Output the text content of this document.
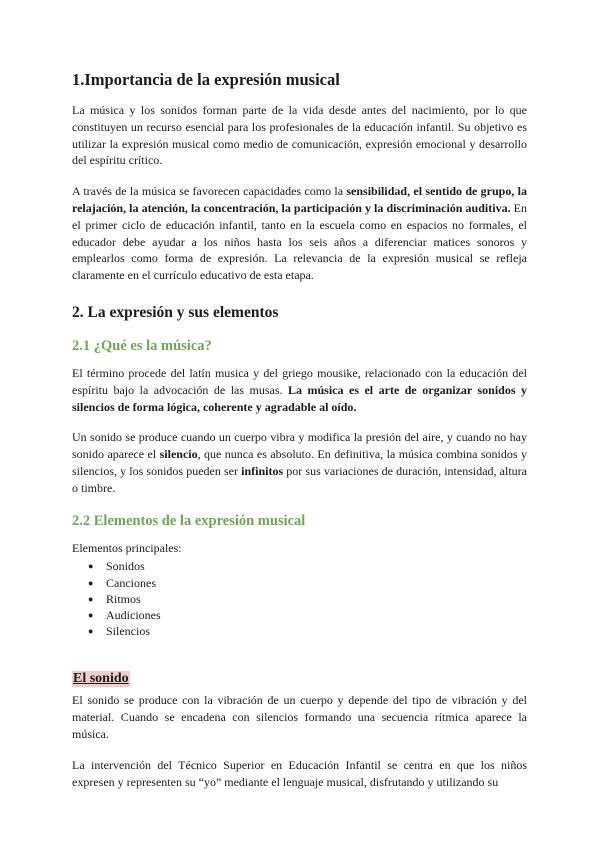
1.Importancia de la expresión musical

La música y los sonidos forman parte de la vida desde antes del nacimiento, por lo que constituyen un recurso esencial para los profesionales de la educación infantil. Su objetivo es utilizar la expresión musical como medio de comunicación, expresión emocional y desarrollo del espíritu crítico.

A través de la música se favorecen capacidades como la sensibilidad, el sentido de grupo, la relajación, la atención, la concentración, la participación y la discriminación auditiva. En el primer ciclo de educación infantil, tanto en la escuela como en espacios no formales, el educador debe ayudar a los niños hasta los seis años a diferenciar matices sonoros y emplearlos como forma de expresión. La relevancia de la expresión musical se refleja claramente en el currículo educativo de esta etapa.

2. La expresión y sus elementos
2.1 ¿Qué es la música?

El término procede del latín musica y del griego mousike, relacionado con la educación del espíritu bajo la advocación de las musas. La música es el arte de organizar sonidos y silencios de forma lógica, coherente y agradable al oído.

Un sonido se produce cuando un cuerpo vibra y modifica la presión del aire, y cuando no hay sonido aparece el silencio, que nunca es absoluto. En definitiva, la música combina sonidos y silencios, y los sonidos pueden ser infinitos por sus variaciones de duración, intensidad, altura o timbre.

2.2 Elementos de la expresión musical

Elementos principales:

● Sonidos
● Canciones
● Ritmos
● Audiciones
● Silencios
El sonido

El sonido se produce con la vibración de un cuerpo y depende del tipo de vibración y del material. Cuando se encadena con silencios formando una secuencia rítmica aparece la música.

La intervención del Técnico Superior en Educación Infantil se centra en que los niños expresen y representen su “yo” mediante el lenguaje musical, disfrutando y utilizando su
